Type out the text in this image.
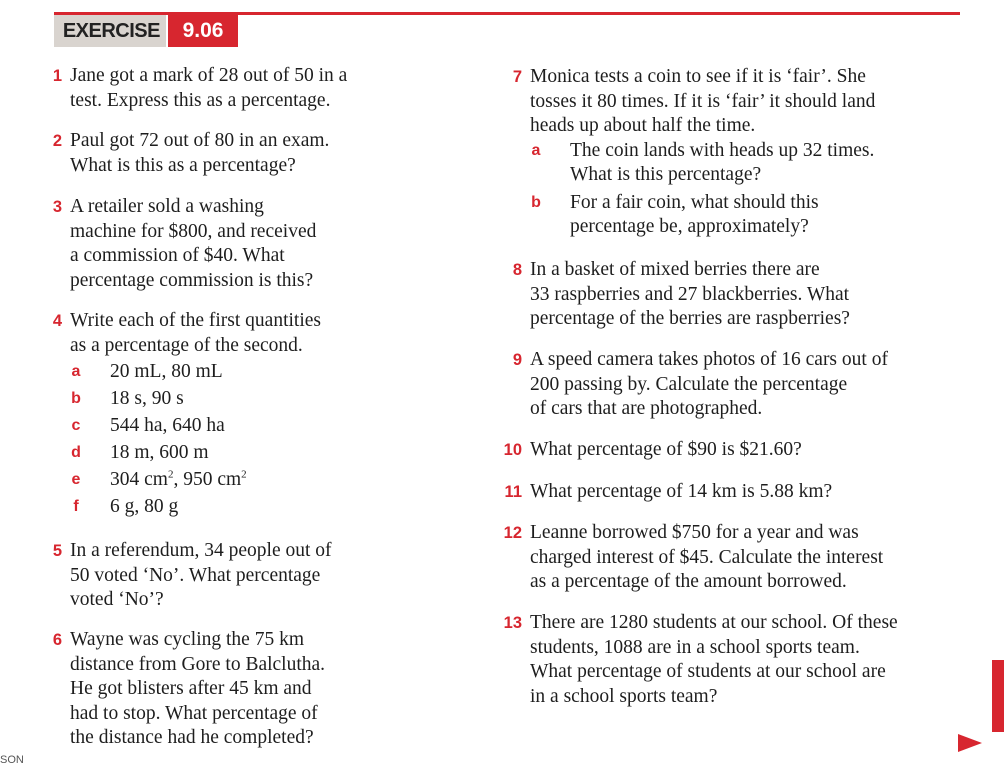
EXERCISE	9.06
1 Jane got a mark of 28 out of 50 in a
test. Express this as a percentage.
2 Paul got 72 out of 80 in an exam.
What is this as a percentage?
3 A retailer sold a washing
machine for $800, and received
a commission of $40. What
percentage commission is this?
4 Write each of the first quantities
as a percentage of the second.
a 20 mL, 80 mL
b 18 s, 90 s
c 544 ha, 640 ha
d 18 m, 600 m
e 304 $cm^2$, 950 $cm^2$
f 6 g, 80 g
5 In a referendum, 34 people out of
50 voted ‘No’. What percentage
voted ‘No’?
6 Wayne was cycling the 75 km
distance from Gore to Balclutha.
He got blisters after 45 km and
had to stop. What percentage of
the distance had he completed?
7 Monica tests a coin to see if it is ‘fair’. She
tosses it 80 times. If it is ‘fair’ it should land
heads up about half the time.
a The coin lands with heads up 32 times.
What is this percentage?
b For a fair coin, what should this
percentage be, approximately?
8 In a basket of mixed berries there are
33 raspberries and 27 blackberries. What
percentage of the berries are raspberries?
9 A speed camera takes photos of 16 cars out of
200 passing by. Calculate the percentage
of cars that are photographed.
10 What percentage of $90 is $21.60?
11 What percentage of 14 km is 5.88 km?
12 Leanne borrowed $750 for a year and was
charged interest of $45. Calculate the interest
as a percentage of the amount borrowed.
13 There are 1280 students at our school. Of these
students, 1088 are in a school sports team.
What percentage of students at our school are
in a school sports team?
SON
